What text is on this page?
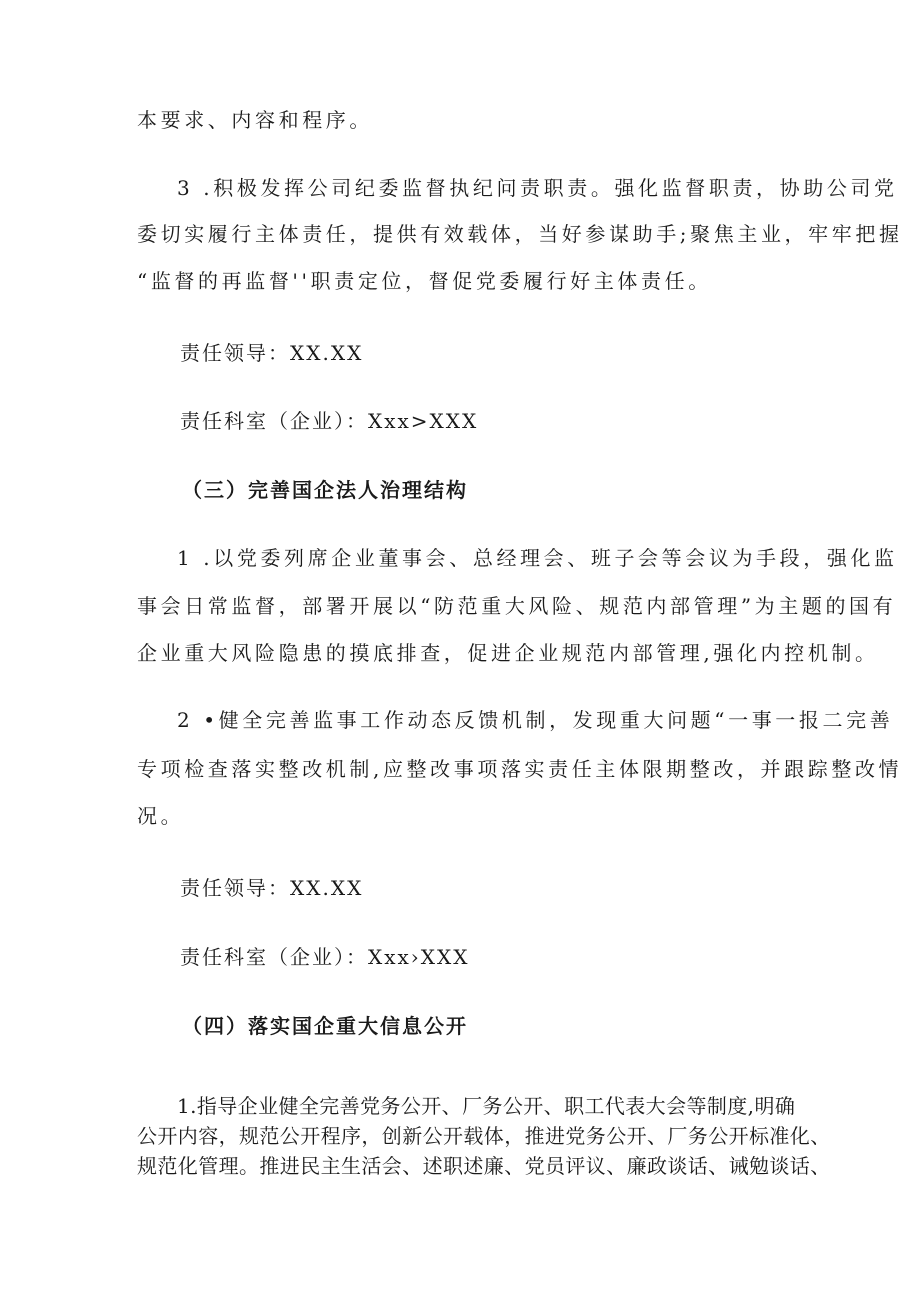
本要求、内容和程序。
3 .积极发挥公司纪委监督执纪问责职责。强化监督职责，协助公司党
委切实履行主体责任，提供有效载体，当好参谋助手;聚焦主业，牢牢把握
“监督的再监督''职责定位，督促党委履行好主体责任。
责任领导：XX.XX
责任科室（企业）：Xxx>XXX
（三）完善国企法人治理结构
1 .以党委列席企业董事会、总经理会、班子会等会议为手段，强化监
事会日常监督，部署开展以“防范重大风险、规范内部管理”为主题的国有
企业重大风险隐患的摸底排查，促进企业规范内部管理,强化内控机制。
2 •健全完善监事工作动态反馈机制，发现重大问题“一事一报二完善
专项检查落实整改机制,应整改事项落实责任主体限期整改，并跟踪整改情
况。
责任领导：XX.XX
责任科室（企业）：Xxx›XXX
（四）落实国企重大信息公开
1.指导企业健全完善党务公开、厂务公开、职工代表大会等制度,明确
公开内容，规范公开程序，创新公开载体，推进党务公开、厂务公开标准化、
规范化管理。推进民主生活会、述职述廉、党员评议、廉政谈话、诫勉谈话、
